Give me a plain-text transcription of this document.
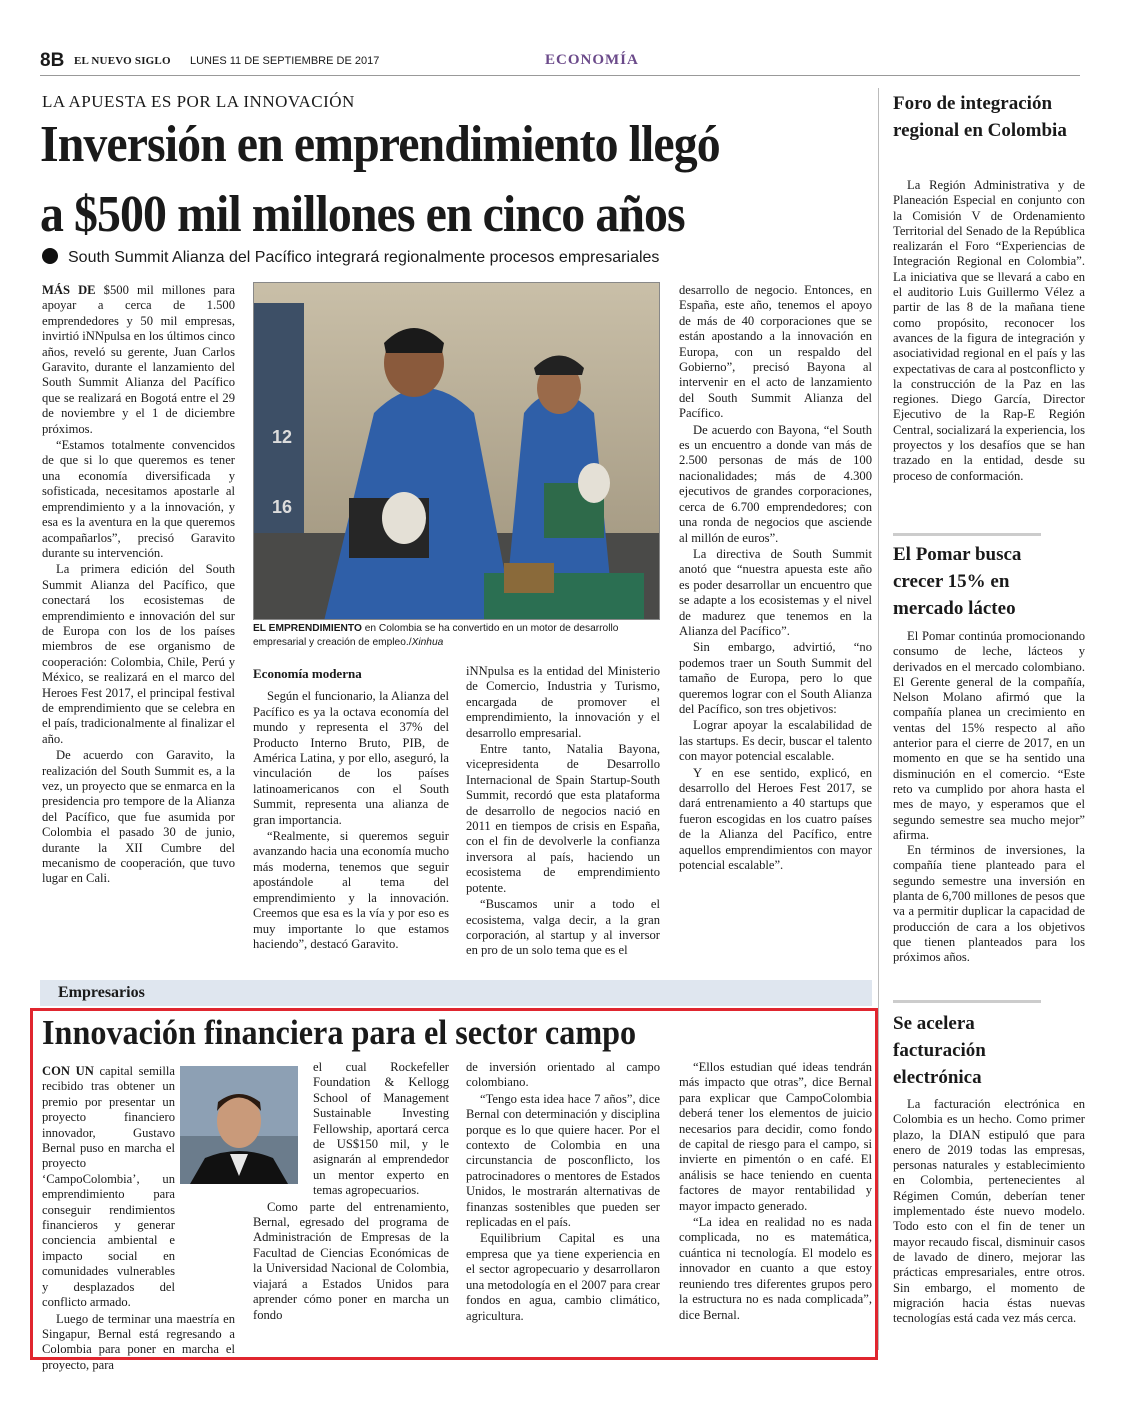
8B EL NUEVO SIGLO LUNES 11 DE SEPTIEMBRE DE 2017	ECONOMÍA
LA APUESTA ES POR LA INNOVACIÓN
Inversión en emprendimiento llegó
a $500 mil millones en cinco años
South Summit Alianza del Pacífico integrará regionalmente procesos empresariales

MÁS DE $500 mil millones para apoyar a cerca de 1.500 emprendedores y 50 mil empresas, invirtió iNNpulsa en los últimos cinco años, reveló su gerente, Juan Carlos Garavito, durante el lanzamiento del South Summit Alianza del Pacífico que se realizará en Bogotá entre el 29 de noviembre y el 1 de diciembre próximos.

“Estamos totalmente convencidos de que si lo que queremos es tener una economía diversificada y sofisticada, necesitamos apostarle al emprendimiento y a la innovación, y esa es la aventura en la que queremos acompañarlos”, precisó Garavito durante su intervención.

La primera edición del South Summit Alianza del Pacífico, que conectará los ecosistemas de emprendimiento e innovación del sur de Europa con los de los países miembros de ese organismo de cooperación: Colombia, Chile, Perú y México, se realizará en el marco del Heroes Fest 2017, el principal festival de emprendimiento que se celebra en el país, tradicionalmente al finalizar el año.

De acuerdo con Garavito, la realización del South Summit es, a la vez, un proyecto que se enmarca en la presidencia pro tempore de la Alianza del Pacífico, que fue asumida por Colombia el pasado 30 de junio, durante la XII Cumbre del mecanismo de cooperación, que tuvo lugar en Cali.

12
16
EL EMPRENDIMIENTO en Colombia se ha convertido en un motor de desarrollo empresarial y creación de empleo./Xinhua
Economía moderna

Según el funcionario, la Alianza del Pacífico es ya la octava economía del mundo y representa el 37% del Producto Interno Bruto, PIB, de América Latina, y por ello, aseguró, la vinculación de los países latinoamericanos con el South Summit, representa una alianza de gran importancia.

“Realmente, si queremos seguir avanzando hacia una economía mucho más moderna, tenemos que seguir apostándole al tema del emprendimiento y la innovación. Creemos que esa es la vía y por eso es muy importante lo que estamos haciendo”, destacó Garavito.

iNNpulsa es la entidad del Ministerio de Comercio, Industria y Turismo, encargada de promover el emprendimiento, la innovación y el desarrollo empresarial.

Entre tanto, Natalia Bayona, vicepresidenta de Desarrollo Internacional de Spain Startup-South Summit, recordó que esta plataforma de desarrollo de negocios nació en 2011 en tiempos de crisis en España, con el fin de devolverle la confianza inversora al país, haciendo un ecosistema de emprendimiento potente.

“Buscamos unir a todo el ecosistema, valga decir, a la gran corporación, al startup y al inversor en pro de un solo tema que es el

desarrollo de negocio. Entonces, en España, este año, tenemos el apoyo de más de 40 corporaciones que se están apostando a la innovación en Europa, con un respaldo del Gobierno”, precisó Bayona al intervenir en el acto de lanzamiento del South Summit Alianza del Pacífico.

De acuerdo con Bayona, “el South es un encuentro a donde van más de 2.500 personas de más de 100 nacionalidades; más de 4.300 ejecutivos de grandes corporaciones, cerca de 6.700 emprendedores; con una ronda de negocios que asciende al millón de euros”.

La directiva de South Summit anotó que “nuestra apuesta este año es poder desarrollar un encuentro que se adapte a los ecosistemas y el nivel de madurez que tenemos en la Alianza del Pacífico”.

Sin embargo, advirtió, “no podemos traer un South Summit del tamaño de Europa, pero lo que queremos lograr con el South Alianza del Pacífico, son tres objetivos:

Lograr apoyar la escalabilidad de las startups. Es decir, buscar el talento con mayor potencial escalable.

Y en ese sentido, explicó, en desarrollo del Heroes Fest 2017, se dará entrenamiento a 40 startups que fueron escogidas en los cuatro países de la Alianza del Pacífico, entre aquellos emprendimientos con mayor potencial escalable”.

Foro de integración regional en Colombia

La Región Administrativa y de Planeación Especial en conjunto con la Comisión V de Ordenamiento Territorial del Senado de la República realizarán el Foro “Experiencias de Integración Regional en Colombia”. La iniciativa que se llevará a cabo en el auditorio Luis Guillermo Vélez a partir de las 8 de la mañana tiene como propósito, reconocer los avances de la figura de integración y asociatividad regional en el país y las expectativas de cara al postconflicto y la construcción de la Paz en las regiones. Diego García, Director Ejecutivo de la Rap-E Región Central, socializará la experiencia, los proyectos y los desafíos que se han trazado en la entidad, desde su proceso de conformación.

El Pomar busca crecer 15% en mercado lácteo

El Pomar continúa promocionando consumo de leche, lácteos y derivados en el mercado colombiano. El Gerente general de la compañía, Nelson Molano afirmó que la compañía planea un crecimiento en ventas del 15% respecto al año anterior para el cierre de 2017, en un momento en que se ha sentido una disminución en el comercio. “Este reto va cumplido por ahora hasta el mes de mayo, y esperamos que el segundo semestre sea mucho mejor” afirma.

En términos de inversiones, la compañía tiene planteado para el segundo semestre una inversión en planta de 6,700 millones de pesos que va a permitir duplicar la capacidad de producción de cara a los objetivos que tienen planteados para los próximos años.

Se acelera facturación electrónica

La facturación electrónica en Colombia es un hecho. Como primer plazo, la DIAN estipuló que para enero de 2019 todas las empresas, personas naturales y establecimiento en Colombia, pertenecientes al Régimen Común, deberían tener implementado éste nuevo modelo. Todo esto con el fin de tener un mayor recaudo fiscal, disminuir casos de lavado de dinero, mejorar las prácticas empresariales, entre otros. Sin embargo, el momento de migración hacia éstas nuevas tecnologías está cada vez más cerca.

Empresarios
Innovación financiera para el sector campo

CON UN capital semilla recibido tras obtener un premio por presentar un proyecto financiero innovador, Gustavo Bernal puso en marcha el proyecto ‘CampoColombia’, un emprendimiento para conseguir rendimientos financieros y generar conciencia ambiental e impacto social en comunidades vulnerables y desplazados del conflicto armado.

Luego de terminar una maestría en Singapur, Bernal está regresando a Colombia para poner en marcha el proyecto, para

el cual Rockefeller Foundation & Kellogg School of Management Sustainable Investing Fellowship, aportará cerca de US$150 mil, y le asignarán al emprendedor un mentor experto en temas agropecuarios.

Como parte del entrenamiento, Bernal, egresado del programa de Administración de Empresas de la Facultad de Ciencias Económicas de la Universidad Nacional de Colombia, viajará a Estados Unidos para aprender cómo poner en marcha un fondo

de inversión orientado al campo colombiano.

“Tengo esta idea hace 7 años”, dice Bernal con determinación y disciplina porque es lo que quiere hacer. Por el contexto de Colombia en una circunstancia de posconflicto, los patrocinadores o mentores de Estados Unidos, le mostrarán alternativas de finanzas sostenibles que pueden ser replicadas en el país.

Equilibrium Capital es una empresa que ya tiene experiencia en el sector agropecuario y desarrollaron una metodología en el 2007 para crear fondos en agua, cambio climático, agricultura.

“Ellos estudian qué ideas tendrán más impacto que otras”, dice Bernal para explicar que CampoColombia deberá tener los elementos de juicio necesarios para decidir, como fondo de capital de riesgo para el campo, si invierte en pimentón o en café. El análisis se hace teniendo en cuenta factores de mayor rentabilidad y mayor impacto generado.

“La idea en realidad no es nada complicada, no es matemática, cuántica ni tecnología. El modelo es innovador en cuanto a que estoy reuniendo tres diferentes grupos pero la estructura no es nada complicada”, dice Bernal.
